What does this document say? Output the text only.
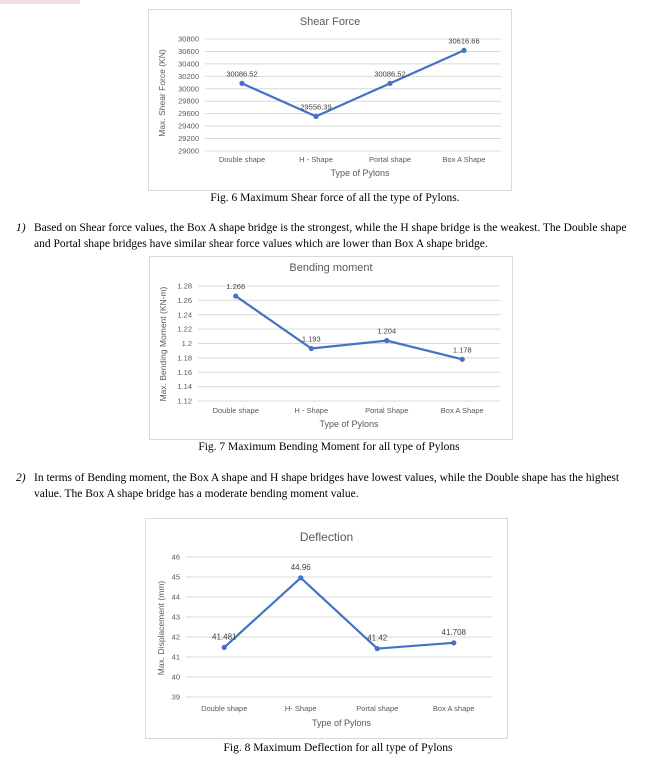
Shear Force
Max. Shear Force (KN)
29000
29200
29400
29600
29800
30000
30200
30400
30600
30800
Double shape	H - Shape	Portal shape	Box A Shape
30086.52
29556.39
30086.52
30616.66
Type of Pylons
Fig. 6 Maximum Shear force of all the type of Pylons.
1) Based on Shear force values, the Box A shape bridge is the strongest, while the H shape bridge is the weakest. The Double shape and Portal shape bridges have similar shear force values which are lower than Box A shape bridge.
Bending moment
Max. Bending Moment (KN-m) 1.12
1.14
1.16
1.18
1.2
1.22
1.24
1.26
1.28
Double shape	H - Shape	Portal Shape	Box A Shape
1.266
1.193
1.204
1.178
Type of Pylons
Fig. 7 Maximum Bending Moment for all type of Pylons
2) In terms of Bending moment, the Box A shape and H shape bridges have lowest values, while the Double shape has the highest value. The Box A shape bridge has a moderate bending moment value.
Deflection
Max. Displacement (mm)
39
40
41
42
43
44
45
46
Double shape	H- Shape	Portal shape	Box A shape
41.481
44.96
41.42
41.708
Type of Pylons
Fig. 8 Maximum Deflection for all type of Pylons
